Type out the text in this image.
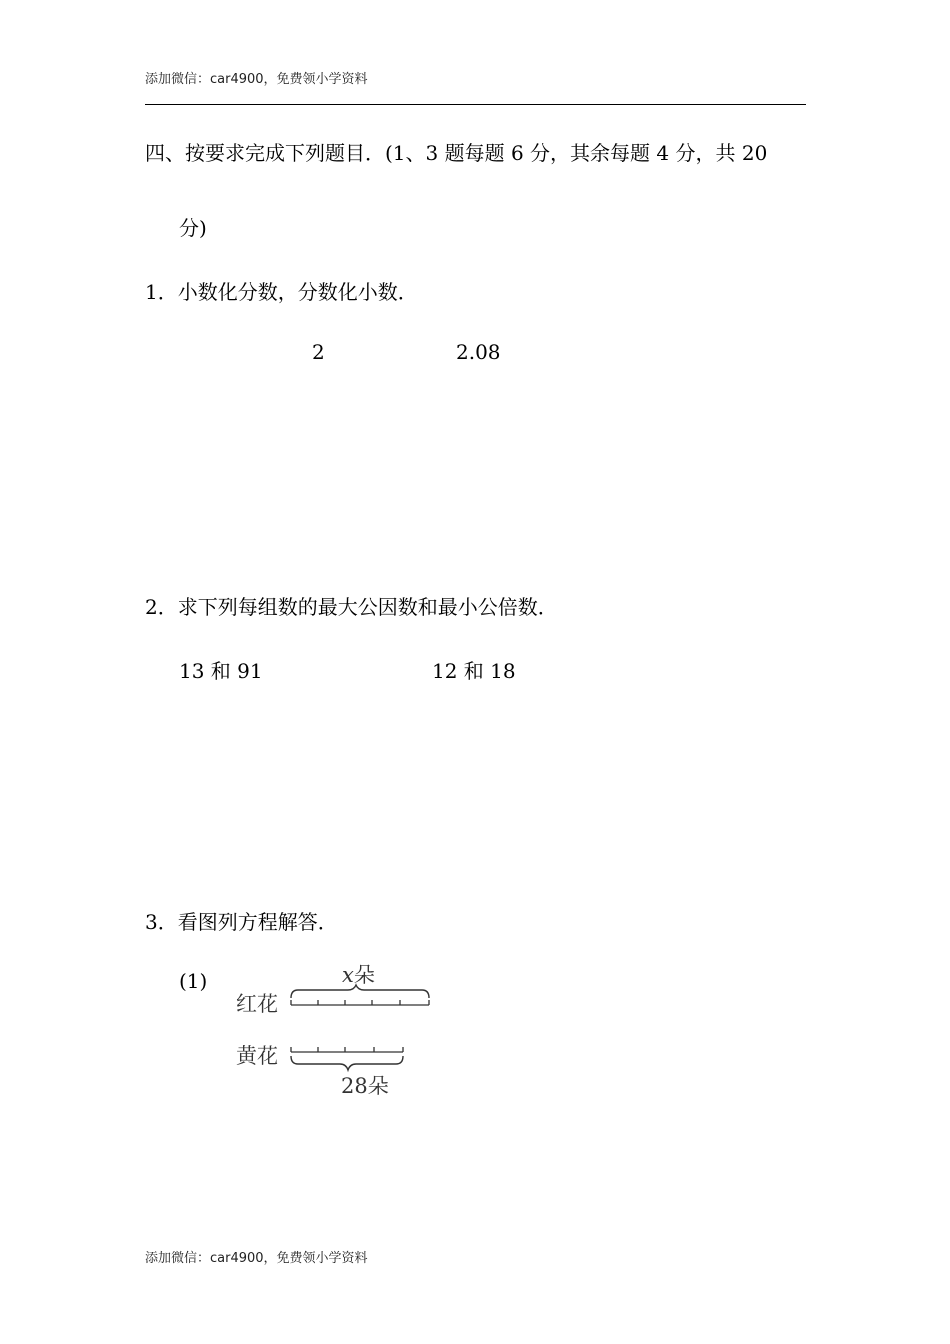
添加微信：car4900，免费领小学资料
四、按要求完成下列题目．(1、3 题每题 6 分，其余每题 4 分，共 20
分)
1．小数化分数，分数化小数．
2	2.08
2．求下列每组数的最大公因数和最小公倍数．
13 和 91	12 和 18
3．看图列方程解答．
(1)	x朵
红花
黄花
28朵
添加微信：car4900，免费领小学资料
